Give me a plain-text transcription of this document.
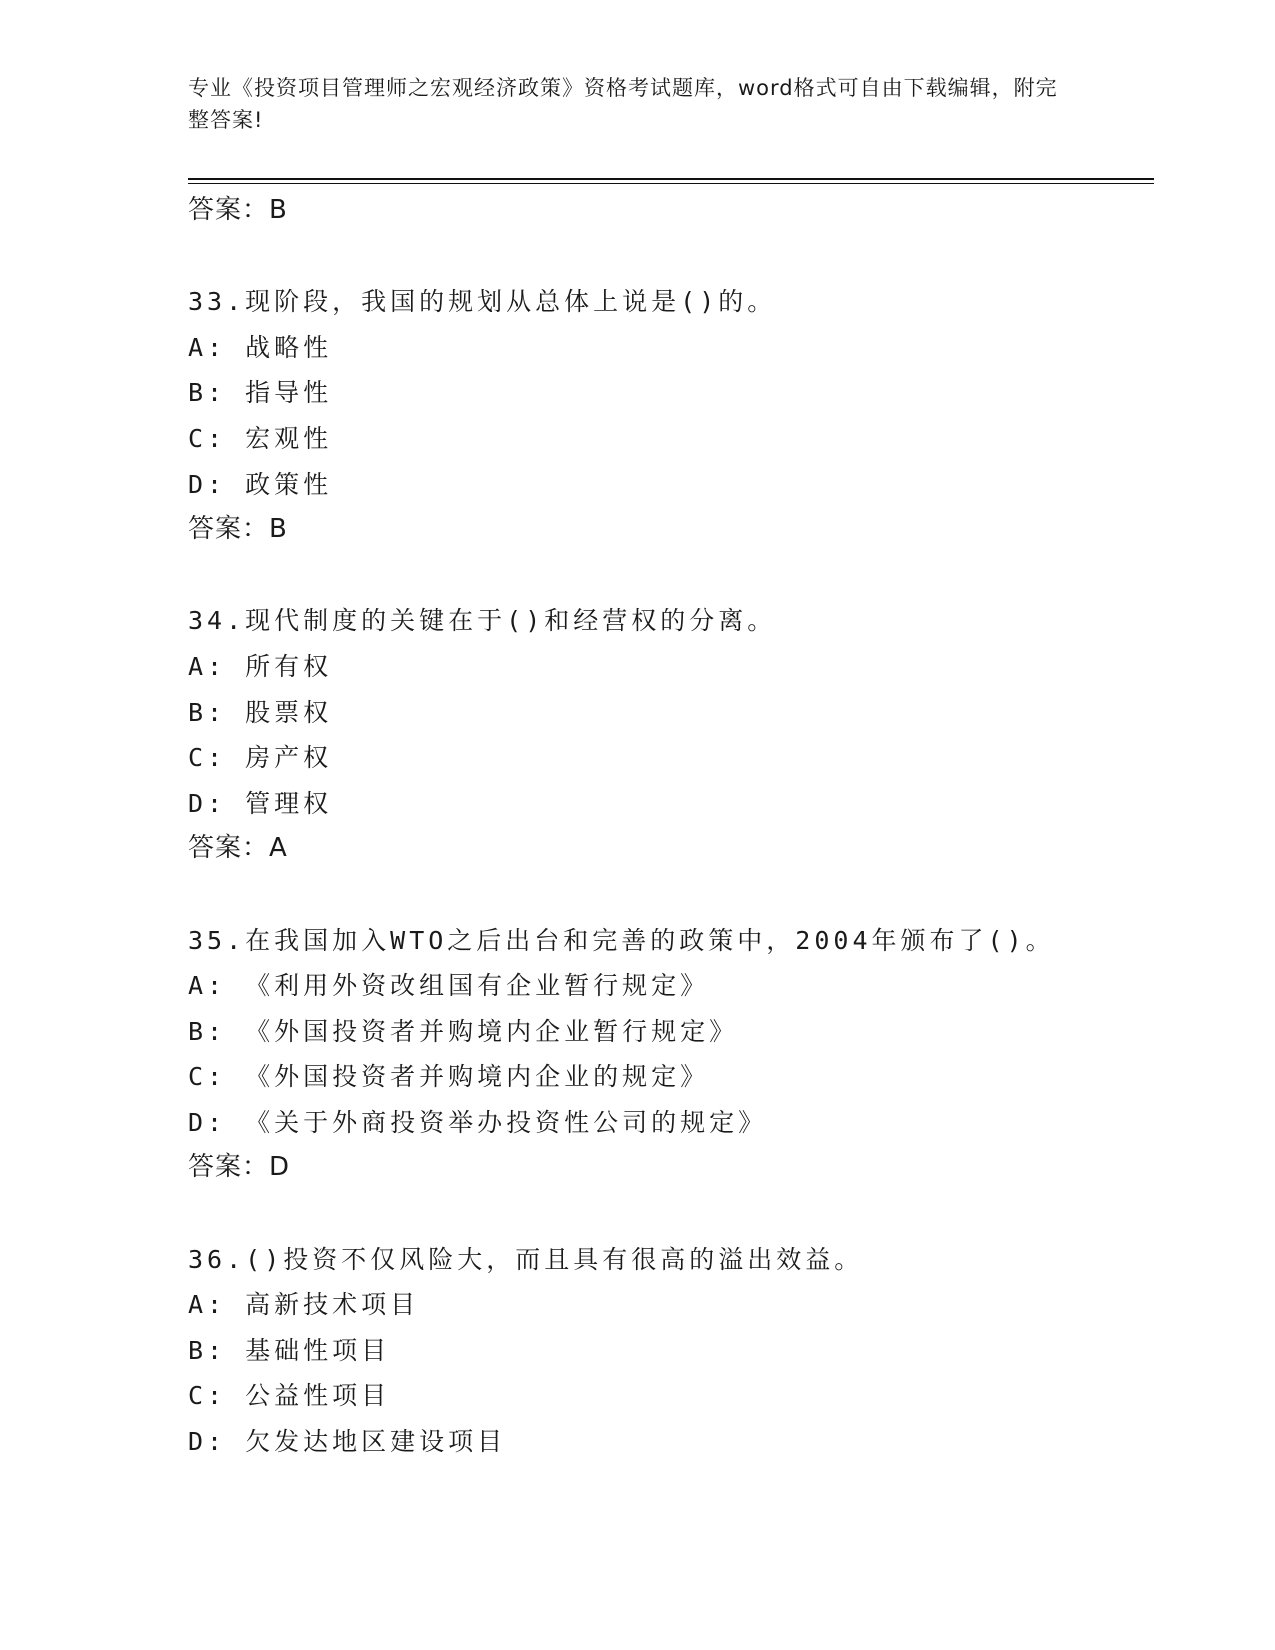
专业《投资项目管理师之宏观经济政策》资格考试题库，word格式可自由下载编辑，附完整答案!
答案：B
33.现阶段，我国的规划从总体上说是()的。
A: 战略性
B: 指导性
C: 宏观性
D: 政策性
答案：B
34.现代制度的关键在于()和经营权的分离。
A: 所有权
B: 股票权
C: 房产权
D: 管理权
答案：A
35.在我国加入WTO之后出台和完善的政策中，2004年颁布了()。
A: 《利用外资改组国有企业暂行规定》
B: 《外国投资者并购境内企业暂行规定》
C: 《外国投资者并购境内企业的规定》
D: 《关于外商投资举办投资性公司的规定》
答案：D
36.()投资不仅风险大，而且具有很高的溢出效益。
A: 高新技术项目
B: 基础性项目
C: 公益性项目
D: 欠发达地区建设项目
